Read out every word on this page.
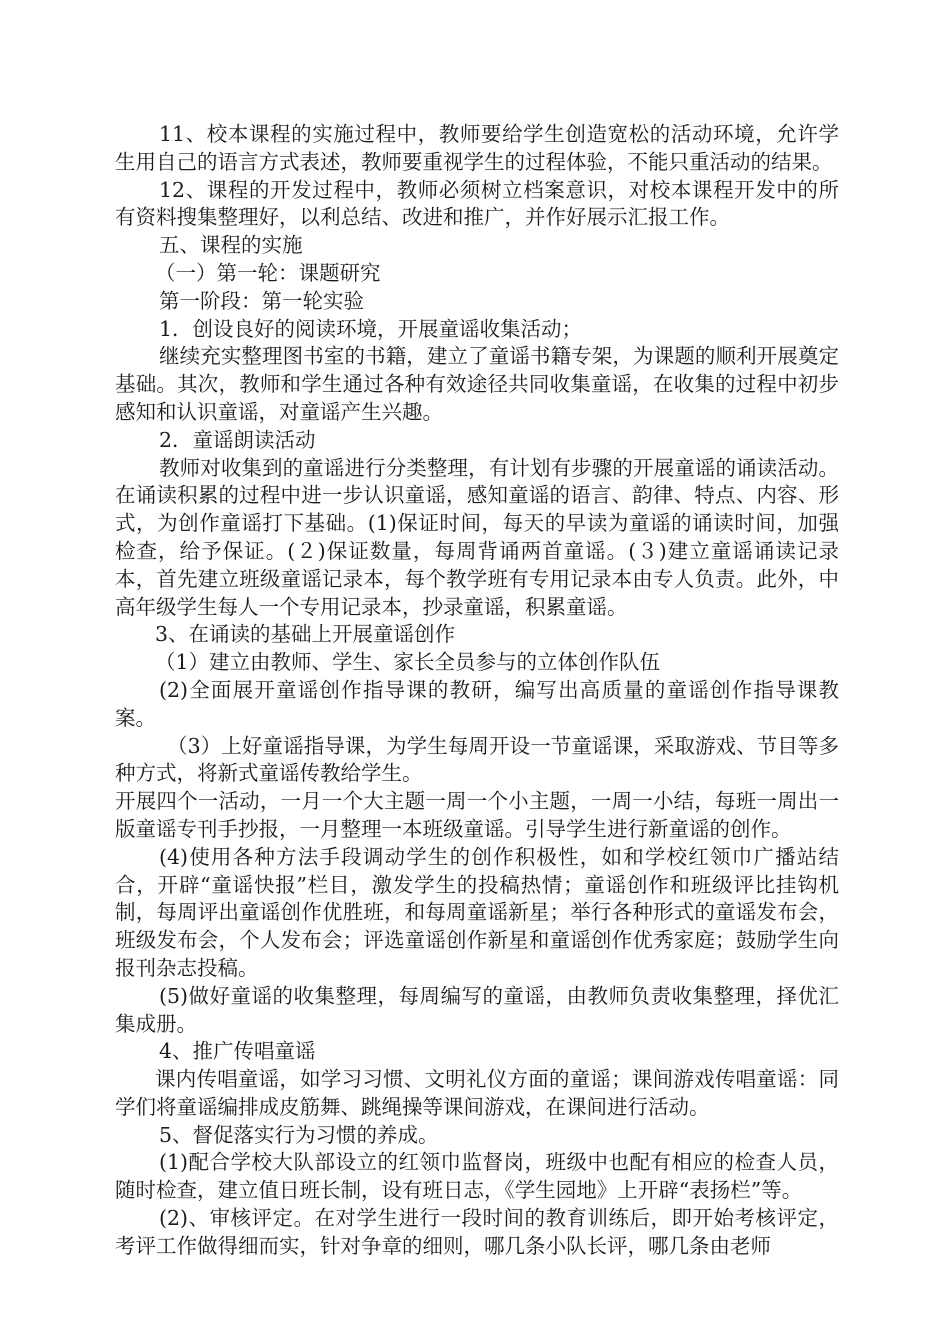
11、校本课程的实施过程中，教师要给学生创造宽松的活动环境，允许学生用自己的语言方式表述，教师要重视学生的过程体验，不能只重活动的结果。

12、课程的开发过程中，教师必须树立档案意识，对校本课程开发中的所有资料搜集整理好，以利总结、改进和推广，并作好展示汇报工作。

五、课程的实施

（一）第一轮：课题研究

第一阶段：第一轮实验

1．创设良好的阅读环境，开展童谣收集活动；

继续充实整理图书室的书籍，建立了童谣书籍专架，为课题的顺利开展奠定基础。其次，教师和学生通过各种有效途径共同收集童谣，在收集的过程中初步感知和认识童谣，对童谣产生兴趣。

2．童谣朗读活动

教师对收集到的童谣进行分类整理，有计划有步骤的开展童谣的诵读活动。在诵读积累的过程中进一步认识童谣，感知童谣的语言、韵律、特点、内容、形式，为创作童谣打下基础。(1)保证时间，每天的早读为童谣的诵读时间，加强检查，给予保证。(２)保证数量，每周背诵两首童谣。(３)建立童谣诵读记录本，首先建立班级童谣记录本，每个教学班有专用记录本由专人负责。此外，中高年级学生每人一个专用记录本，抄录童谣，积累童谣。

3、在诵读的基础上开展童谣创作

（1）建立由教师、学生、家长全员参与的立体创作队伍

(2)全面展开童谣创作指导课的教研，编写出高质量的童谣创作指导课教案。

（3）上好童谣指导课，为学生每周开设一节童谣课，采取游戏、节目等多种方式，将新式童谣传教给学生。

开展四个一活动，一月一个大主题一周一个小主题，一周一小结，每班一周出一版童谣专刊手抄报，一月整理一本班级童谣。引导学生进行新童谣的创作。

(4)使用各种方法手段调动学生的创作积极性，如和学校红领巾广播站结合，开辟“童谣快报”栏目，激发学生的投稿热情；童谣创作和班级评比挂钩机制，每周评出童谣创作优胜班，和每周童谣新星；举行各种形式的童谣发布会，班级发布会，个人发布会；评选童谣创作新星和童谣创作优秀家庭；鼓励学生向报刊杂志投稿。

(5)做好童谣的收集整理，每周编写的童谣，由教师负责收集整理，择优汇集成册。

4、推广传唱童谣

课内传唱童谣，如学习习惯、文明礼仪方面的童谣；课间游戏传唱童谣：同学们将童谣编排成皮筋舞、跳绳操等课间游戏，在课间进行活动。

5、督促落实行为习惯的养成。

(1)配合学校大队部设立的红领巾监督岗，班级中也配有相应的检查人员，随时检查，建立值日班长制，设有班日志，《学生园地》上开辟“表扬栏”等。

(2)、审核评定。在对学生进行一段时间的教育训练后，即开始考核评定，考评工作做得细而实，针对争章的细则，哪几条小队长评，哪几条由老师
